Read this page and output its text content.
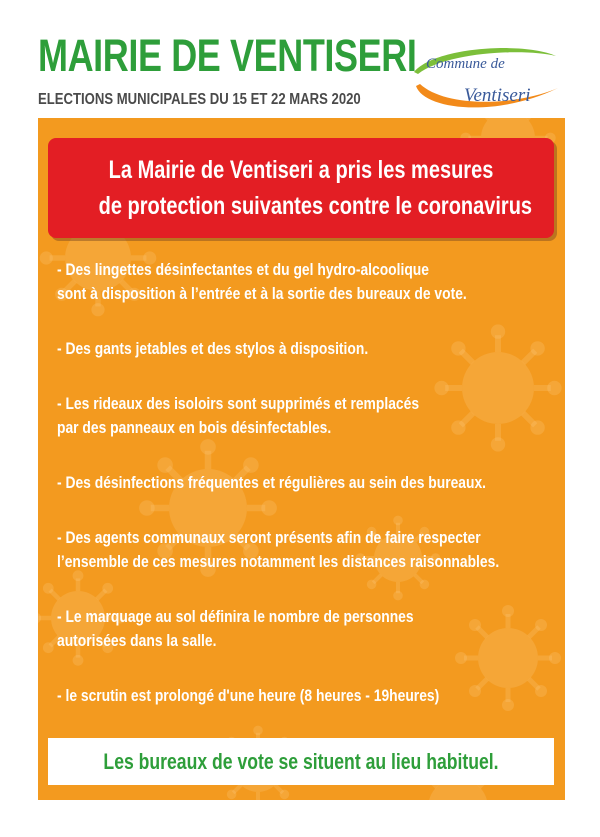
MAIRIE DE VENTISERI
ELECTIONS MUNICIPALES DU 15 ET 22 MARS 2020
Commune de
Ventiseri
La Mairie de Ventiseri a pris les mesures
de protection suivantes contre le coronavirus

- Des lingettes désinfectantes et du gel hydro-alcoolique
sont à disposition à l’entrée et à la sortie des bureaux de vote.

- Des gants jetables et des stylos à disposition.

- Les rideaux des isoloirs sont supprimés et remplacés
par des panneaux en bois désinfectables.

- Des désinfections fréquentes et régulières au sein des bureaux.

- Des agents communaux seront présents afin de faire respecter
l’ensemble de ces mesures notamment les distances raisonnables.

- Le marquage au sol définira le nombre de personnes
autorisées dans la salle.

- le scrutin est prolongé d'une heure (8 heures - 19heures)

Les bureaux de vote se situent au lieu habituel.
